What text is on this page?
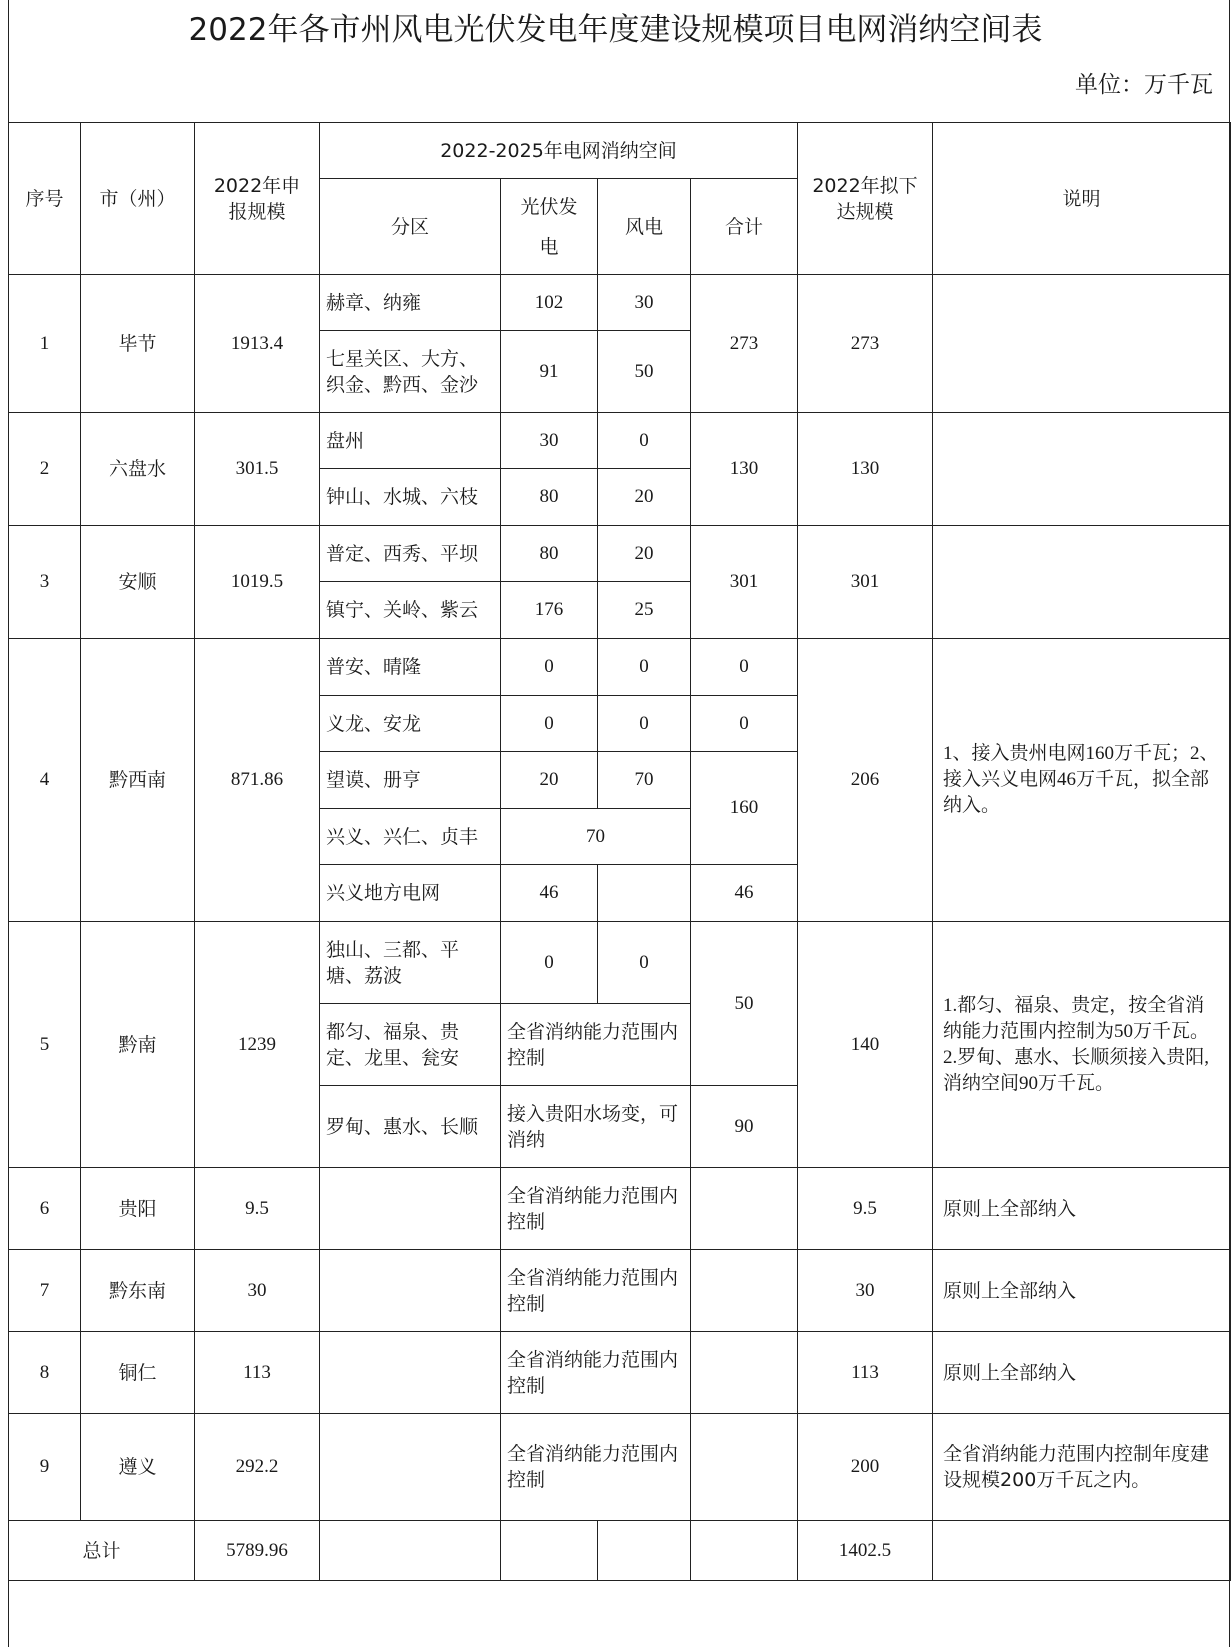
2022年各市州风电光伏发电年度建设规模项目电网消纳空间表
单位：万千瓦
序号	市（州）	2022年申报规模	2022-2025年电网消纳空间				2022年拟下达规模	说明
			分区	光伏发电	风电	合计		
1	毕节	1913.4	赫章、纳雍	102	30	273	273	
			七星关区、大方、织金、黔西、金沙	91	50			
2	六盘水	301.5	盘州	30	0	130	130	
			钟山、水城、六枝	80	20			
3	安顺	1019.5	普定、西秀、平坝	80	20	301	301	
			镇宁、关岭、紫云	176	25			
4	黔西南	871.86	普安、晴隆	0	0	0	206	1、接入贵州电网160万千瓦；2、接入兴义电网46万千瓦，拟全部纳入。
			义龙、安龙	0	0	0		
			望谟、册亨	20	70	160		
			兴义、兴仁、贞丰	70				
			兴义地方电网	46		46		
5	黔南	1239	独山、三都、平塘、荔波	0	0	50	140	1.都匀、福泉、贵定，按全省消纳能力范围内控制为50万千瓦。2.罗甸、惠水、长顺须接入贵阳,消纳空间90万千瓦。
			都匀、福泉、贵定、龙里、瓮安	全省消纳能力范围内控制				
			罗甸、惠水、长顺	接入贵阳水场变，可消纳		90		
6	贵阳	9.5		全省消纳能力范围内控制			9.5	原则上全部纳入
7	黔东南	30		全省消纳能力范围内控制			30	原则上全部纳入
8	铜仁	113		全省消纳能力范围内控制			113	原则上全部纳入
9	遵义	292.2		全省消纳能力范围内控制			200	全省消纳能力范围内控制年度建设规模200万千瓦之内。
总计		5789.96					1402.5	
